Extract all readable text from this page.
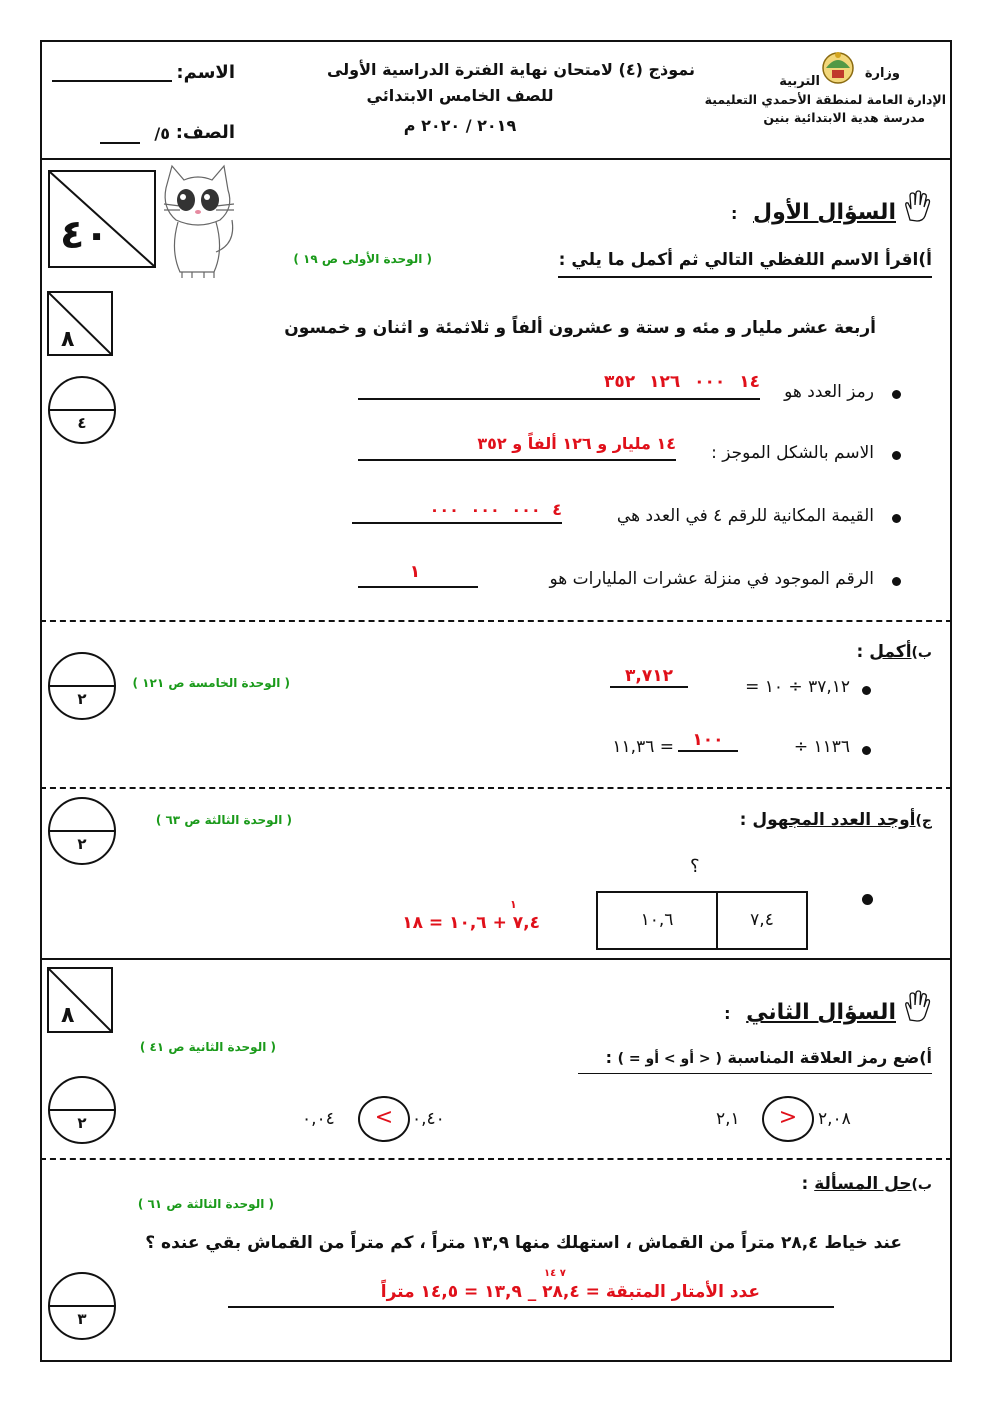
وزارة
التربية
الإدارة العامة لمنطقة الأحمدي التعليمية
مدرسة هدية الابتدائية بنين
نموذج (٤) لامتحان نهاية الفترة الدراسية الأولى
للصف الخامس الابتدائي
٢٠١٩ / ٢٠٢٠ م
الاسم:
الصف:
٥/
٤٠	السؤال الأول :
أ)اقرأ الاسم اللفظي التالي ثم أكمل ما يلي :
( الوحدة الأولى ص ١٩ )
٨	أربعة عشر مليار و مئه و ستة و عشرون ألفاً و ثلاثمئة و اثنان و خمسون
٤
رمز العدد هو
١٤ ٠٠٠ ١٢٦ ٣٥٢
الاسم بالشكل الموجز :
١٤ مليار و ١٢٦ ألفاً و ٣٥٢
القيمة المكانية للرقم ٤ في العدد هي
٤ ٠٠٠ ٠٠٠ ٠٠٠
الرقم الموجود في منزلة عشرات المليارات هو
١
ب)أكمل :
( الوحدة الخامسة ص ١٢١ )
٢
٣٧,١٢ ÷ ١٠ =
٣,٧١٢
١١٣٦ ÷
١٠٠
= ١١,٣٦
ج)أوجد العدد المجهول :
( الوحدة الثالثة ص ٦٣ )
٢
؟
٧,٤
١٠,٦
١
٧,٤ + ١٠,٦ = ١٨
٨	السؤال الثاني :
( الوحدة الثانية ص ٤١ )
أ)ضع رمز العلاقة المناسبة ( < أو > أو = ) :
٢	٢,٠٨
>
٢,١
٠,٤٠
<
٠,٠٤
ب)حل المسألة :
( الوحدة الثالثة ص ٦١ )
عند خياط ٢٨,٤ متراً من القماش ، استهلك منها ١٣,٩ متراً ، كم متراً من القماش بقي عنده ؟
٣
٧ ١٤
عدد الأمتار المتبقة = ٢٨,٤ _ ١٣,٩ = ١٤,٥ متراً
